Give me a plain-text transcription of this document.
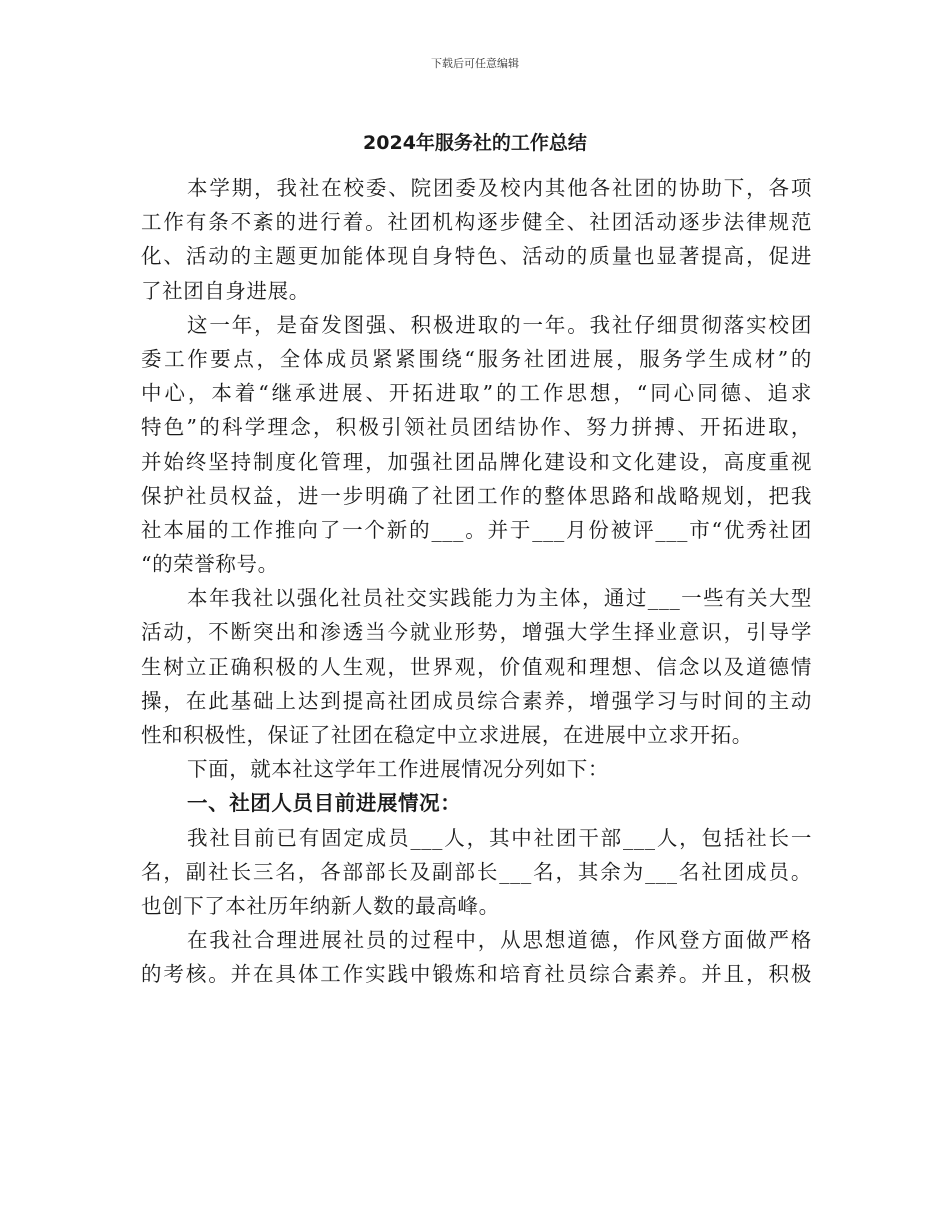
下载后可任意编辑
2024年服务社的工作总结
本学期，我社在校委、院团委及校内其他各社团的协助下，各项
工作有条不紊的进行着。社团机构逐步健全、社团活动逐步法律规范
化、活动的主题更加能体现自身特色、活动的质量也显著提高，促进
了社团自身进展。
这一年，是奋发图强、积极进取的一年。我社仔细贯彻落实校团
委工作要点，全体成员紧紧围绕“服务社团进展，服务学生成材”的
中心，本着“继承进展、开拓进取”的工作思想，“同心同德、追求
特色”的科学理念，积极引领社员团结协作、努力拼搏、开拓进取，
并始终坚持制度化管理，加强社团品牌化建设和文化建设，高度重视
保护社员权益，进一步明确了社团工作的整体思路和战略规划，把我
社本届的工作推向了一个新的___。并于___月份被评___市“优秀社团
“的荣誉称号。
本年我社以强化社员社交实践能力为主体，通过___一些有关大型
活动，不断突出和渗透当今就业形势，增强大学生择业意识，引导学
生树立正确积极的人生观，世界观，价值观和理想、信念以及道德情
操，在此基础上达到提高社团成员综合素养，增强学习与时间的主动
性和积极性，保证了社团在稳定中立求进展，在进展中立求开拓。
下面，就本社这学年工作进展情况分列如下：
一、社团人员目前进展情况：
我社目前已有固定成员___人，其中社团干部___人，包括社长一
名，副社长三名，各部部长及副部长___名，其余为___名社团成员。
也创下了本社历年纳新人数的最高峰。
在我社合理进展社员的过程中，从思想道德，作风登方面做严格
的考核。并在具体工作实践中锻炼和培育社员综合素养。并且，积极
